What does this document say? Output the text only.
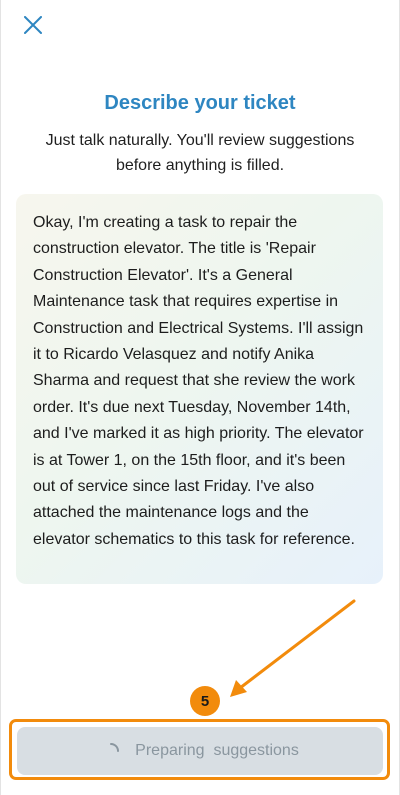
Describe your ticket
Just talk naturally. You'll review suggestions before anything is filled.

Okay, I'm creating a task to repair the construction elevator. The title is 'Repair Construction Elevator'. It's a General Maintenance task that requires expertise in Construction and Electrical Systems. I'll assign it to Ricardo Velasquez and notify Anika Sharma and request that she review the work order. It's due next Tuesday, November 14th, and I've marked it as high priority. The elevator is at Tower 1, on the 15th floor, and it's been out of service since last Friday. I've also attached the maintenance logs and the elevator schematics to this task for reference.

5
Preparing  suggestions
